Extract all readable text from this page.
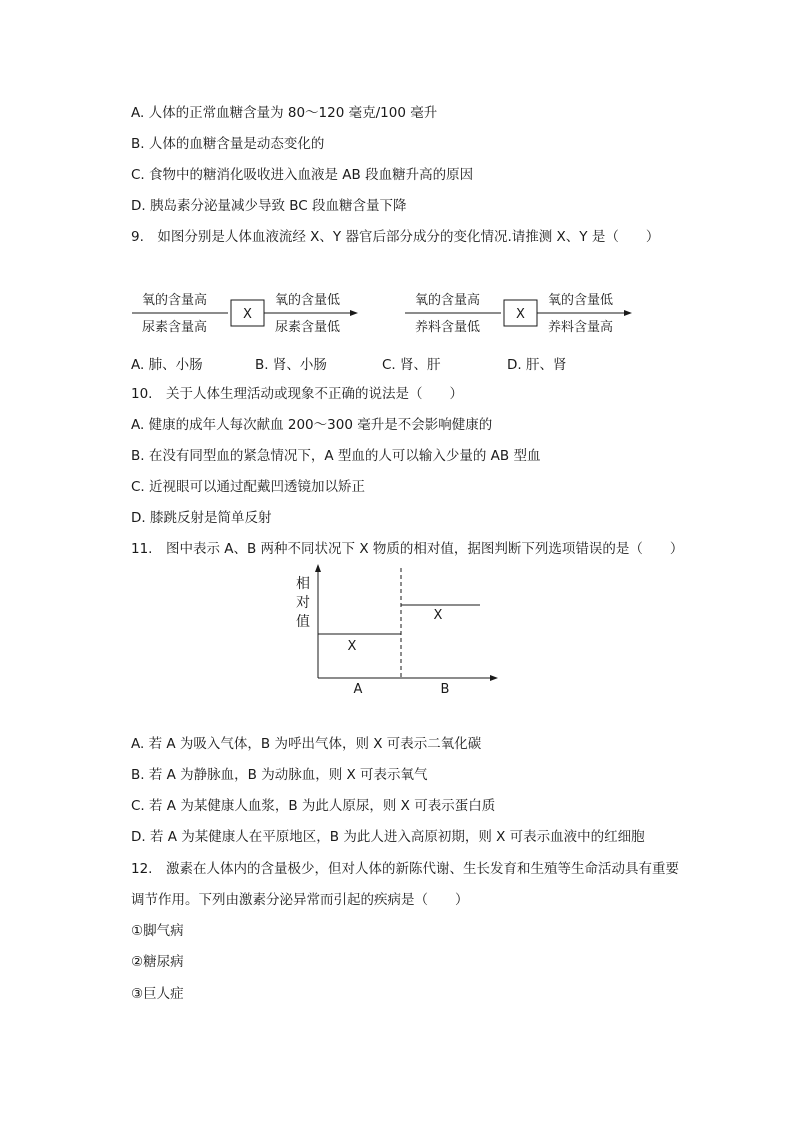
A. 人体的正常血糖含量为 80～120 毫克/100 毫升
B. 人体的血糖含量是动态变化的
C. 食物中的糖消化吸收进入血液是 AB 段血糖升高的原因
D. 胰岛素分泌量减少导致 BC 段血糖含量下降
9.　如图分别是人体血液流经 X、Y 器官后部分成分的变化情况.请推测 X、Y 是（　　）
氧的含量高
尿素含量高
X
氧的含量低
尿素含量低
氧的含量高
养料含量低
X
氧的含量低
养料含量高
A. 肺、小肠	B. 肾、小肠	C. 肾、肝	D. 肝、肾
10.　关于人体生理活动或现象不正确的说法是（　　）
A. 健康的成年人每次献血 200～300 毫升是不会影响健康的
B. 在没有同型血的紧急情况下，A 型血的人可以输入少量的 AB 型血
C. 近视眼可以通过配戴凹透镜加以矫正
D. 膝跳反射是简单反射
11.　图中表示 A、B 两种不同状况下 X 物质的相对值，据图判断下列选项错误的是（　　）
相
对
值
X
X
A	B
A. 若 A 为吸入气体，B 为呼出气体，则 X 可表示二氧化碳
B. 若 A 为静脉血，B 为动脉血，则 X 可表示氧气
C. 若 A 为某健康人血浆，B 为此人原尿，则 X 可表示蛋白质
D. 若 A 为某健康人在平原地区，B 为此人进入高原初期，则 X 可表示血液中的红细胞
12.　激素在人体内的含量极少，但对人体的新陈代谢、生长发育和生殖等生命活动具有重要
调节作用。下列由激素分泌异常而引起的疾病是（　　）
①脚气病
②糖尿病
③巨人症
